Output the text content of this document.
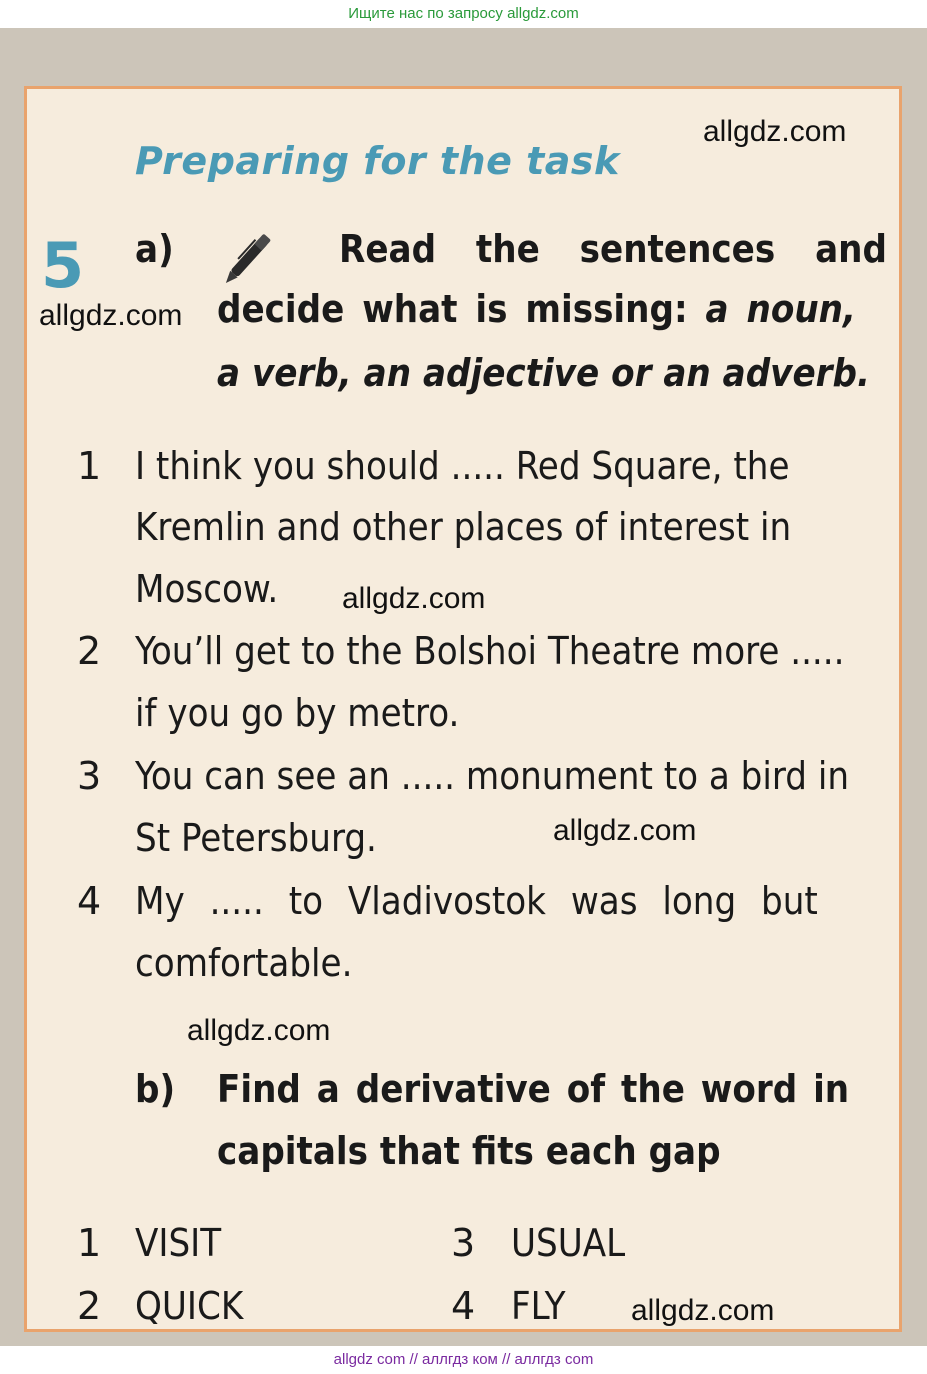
Ищите нас по запросу allgdz.com

allgdz.com
allgdz.com
allgdz.com
allgdz.com
allgdz.com
allgdz.com
Preparing for the task
5 a)	Read the sentences and
decide what is missing: a noun,
a verb, an adjective or an adverb.
1 I think you should ..... Red Square, the
Kremlin and other places of interest in
Moscow.
2 You’ll get to the Bolshoi Theatre more .....
if you go by metro.
3 You can see an ..... monument to a bird in
St Petersburg.
4 My ..... to Vladivostok was long but
comfortable.
b) Find a derivative of the word in
capitals that fits each gap
1 VISIT
2 QUICK
3 USUAL
4 FLY
allgdz com // аллгдз ком // аллгдз com
